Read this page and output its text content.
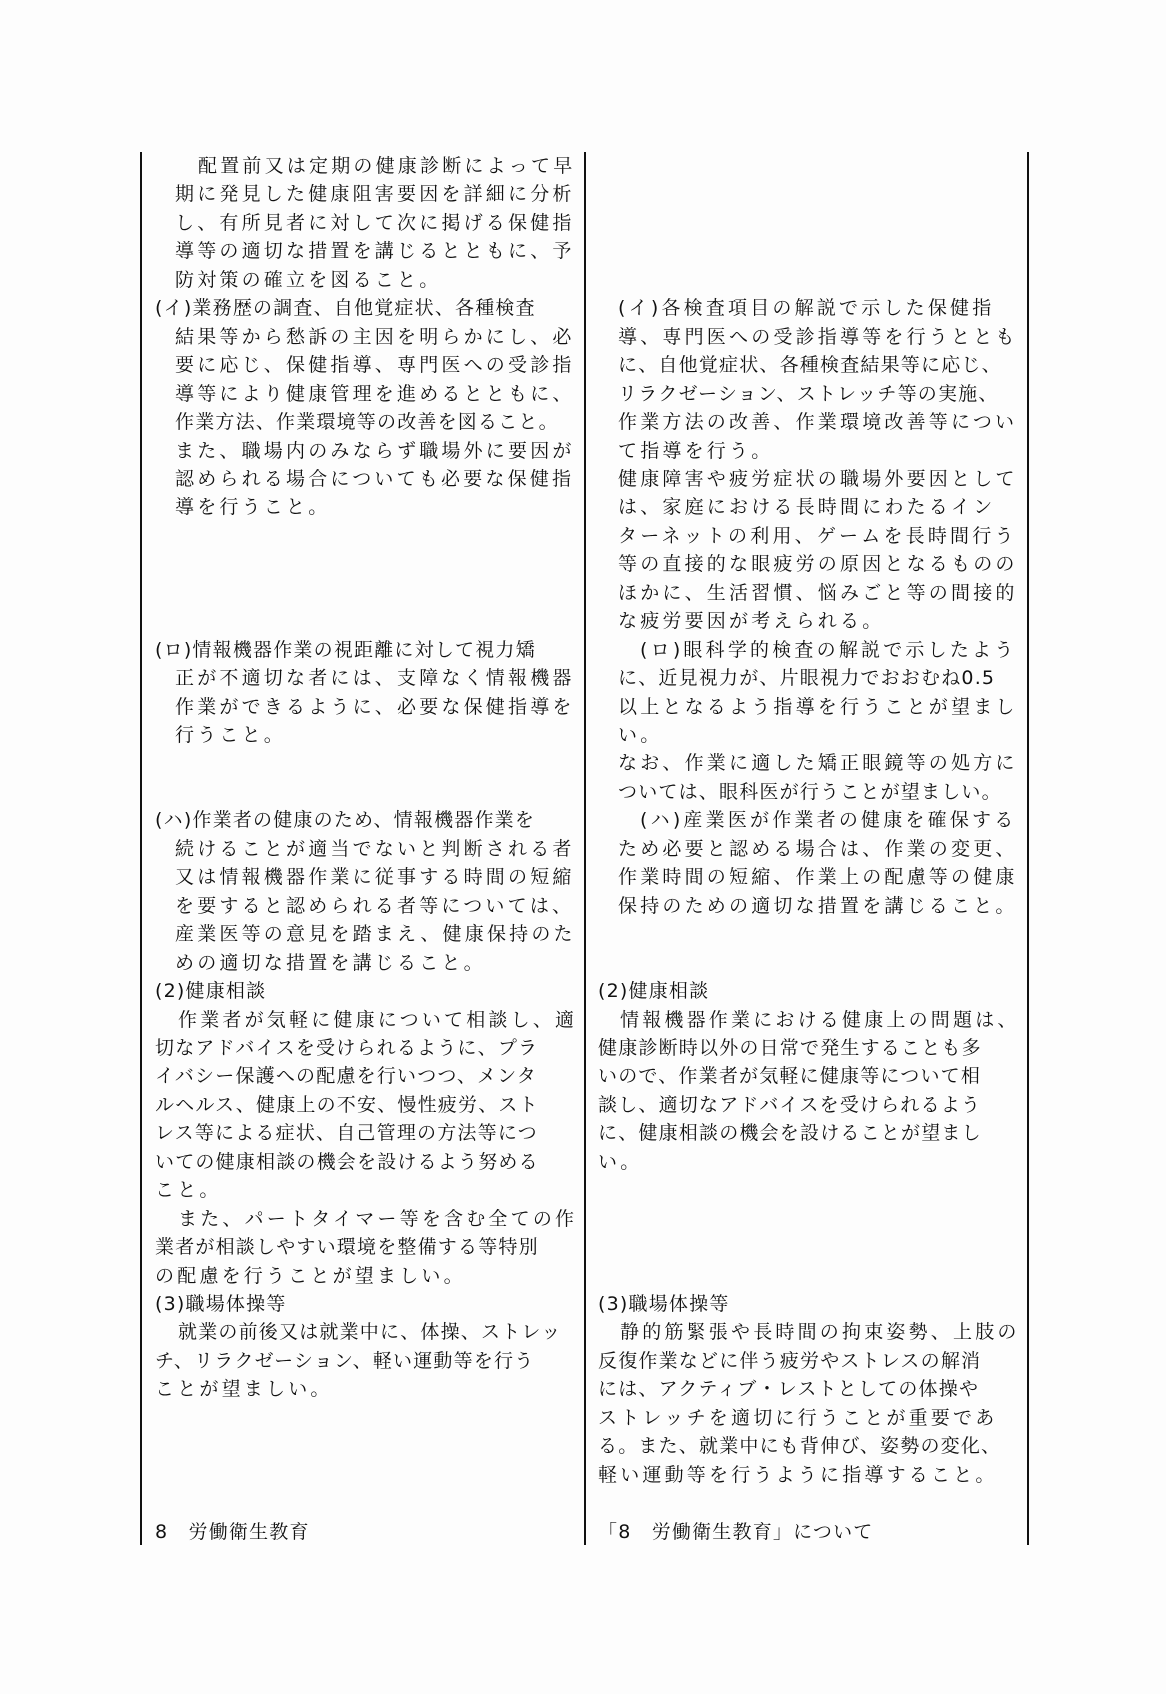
配置前又は定期の健康診断によって早
期に発見した健康阻害要因を詳細に分析
し、有所見者に対して次に掲げる保健指
導等の適切な措置を講じるとともに、予
防対策の確立を図ること。
(イ)業務歴の調査、自他覚症状、各種検査
結果等から愁訴の主因を明らかにし、必
要に応じ、保健指導、専門医への受診指
導等により健康管理を進めるとともに、
作業方法、作業環境等の改善を図ること。
また、職場内のみならず職場外に要因が
認められる場合についても必要な保健指
導を行うこと。
(ロ)情報機器作業の視距離に対して視力矯
正が不適切な者には、支障なく情報機器
作業ができるように、必要な保健指導を
行うこと。
(ハ)作業者の健康のため、情報機器作業を
続けることが適当でないと判断される者
又は情報機器作業に従事する時間の短縮
を要すると認められる者等については、
産業医等の意見を踏まえ、健康保持のた
めの適切な措置を講じること。
(2)健康相談
作業者が気軽に健康について相談し、適
切なアドバイスを受けられるように、プラ
イバシー保護への配慮を行いつつ、メンタ
ルヘルス、健康上の不安、慢性疲労、スト
レス等による症状、自己管理の方法等につ
いての健康相談の機会を設けるよう努める
こと。
また、パートタイマー等を含む全ての作
業者が相談しやすい環境を整備する等特別
の配慮を行うことが望ましい。
(3)職場体操等
就業の前後又は就業中に、体操、ストレッ
チ、リラクゼーション、軽い運動等を行う
ことが望ましい。
8　労働衛生教育
(イ)各検査項目の解説で示した保健指
導、専門医への受診指導等を行うととも
に、自他覚症状、各種検査結果等に応じ、
リラクゼーション、ストレッチ等の実施、
作業方法の改善、作業環境改善等につい
て指導を行う。
健康障害や疲労症状の職場外要因として
は、家庭における長時間にわたるイン
ターネットの利用、ゲームを長時間行う
等の直接的な眼疲労の原因となるものの
ほかに、生活習慣、悩みごと等の間接的
な疲労要因が考えられる。
(ロ)眼科学的検査の解説で示したよう
に、近見視力が、片眼視力でおおむね0.5
以上となるよう指導を行うことが望まし
い。
なお、作業に適した矯正眼鏡等の処方に
ついては、眼科医が行うことが望ましい。
(ハ)産業医が作業者の健康を確保する
ため必要と認める場合は、作業の変更、
作業時間の短縮、作業上の配慮等の健康
保持のための適切な措置を講じること。
(2)健康相談
情報機器作業における健康上の問題は、
健康診断時以外の日常で発生することも多
いので、作業者が気軽に健康等について相
談し、適切なアドバイスを受けられるよう
に、健康相談の機会を設けることが望まし
い。
(3)職場体操等
静的筋緊張や長時間の拘束姿勢、上肢の
反復作業などに伴う疲労やストレスの解消
には、アクティブ・レストとしての体操や
ストレッチを適切に行うことが重要であ
る。また、就業中にも背伸び、姿勢の変化、
軽い運動等を行うように指導すること。
「8　労働衛生教育」について
